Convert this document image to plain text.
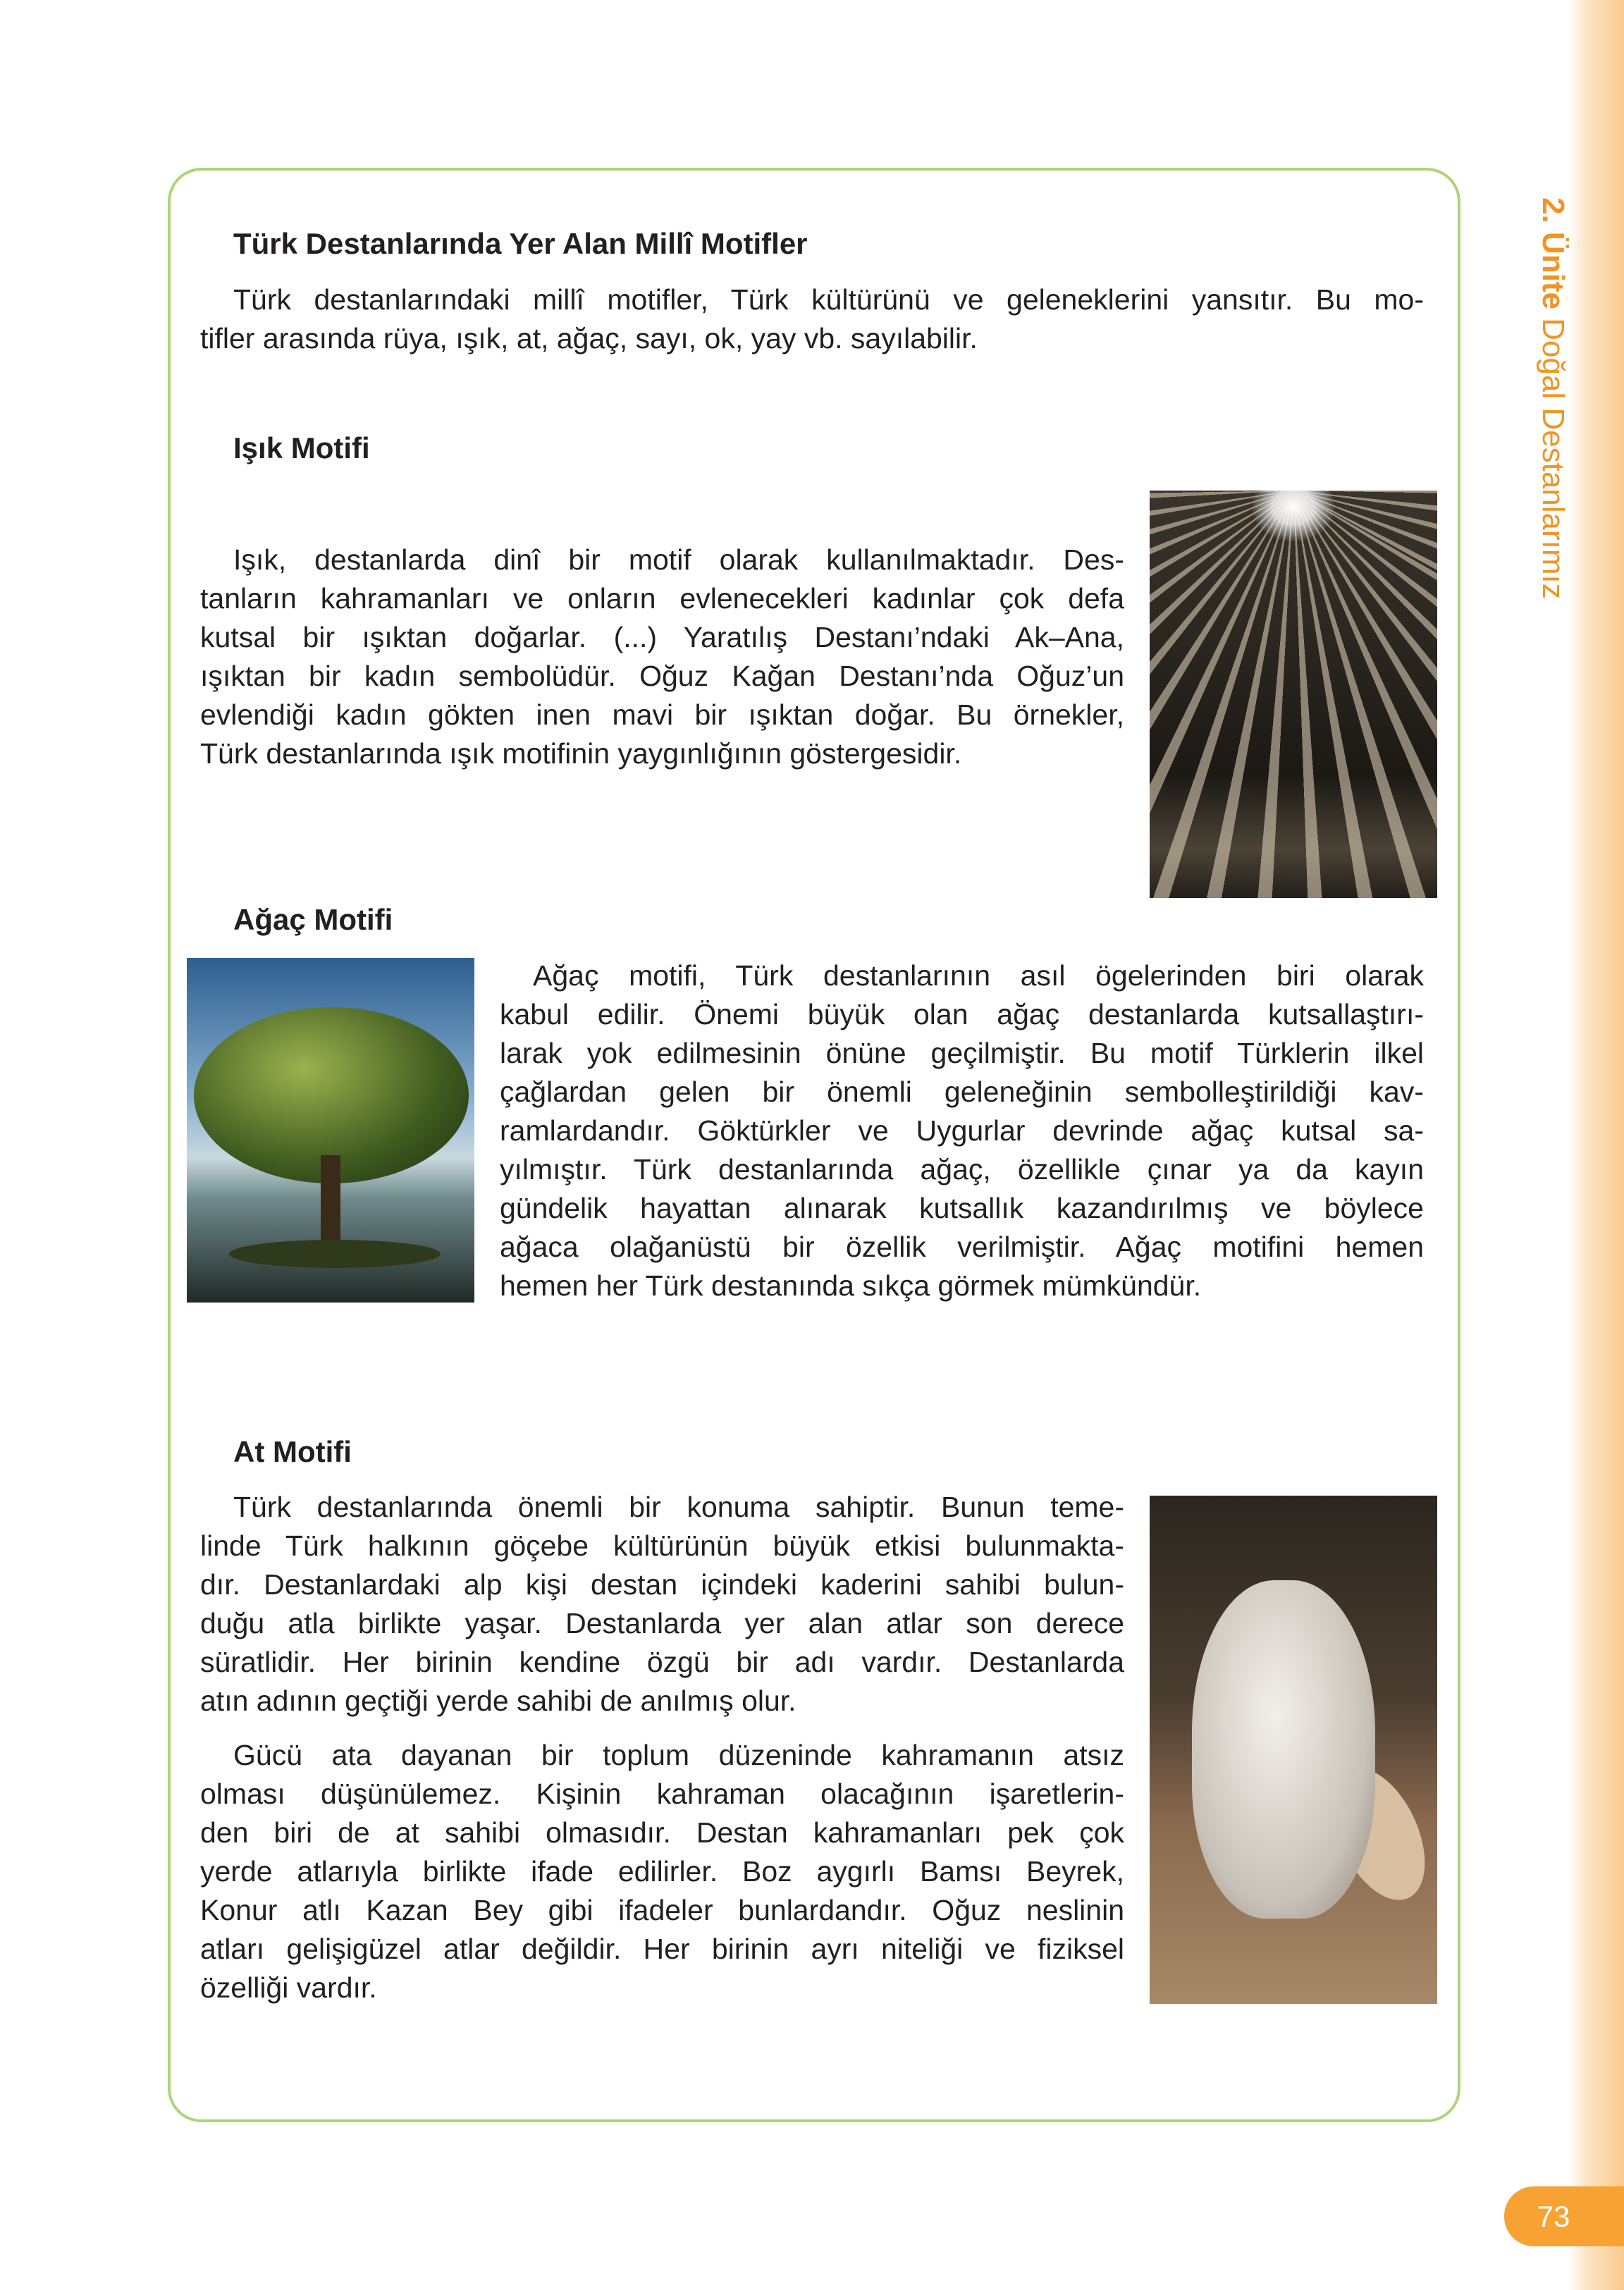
2. Ünite Doğal Destanlarımız
73
Türk Destanlarında Yer Alan Millî Motifler
Türk destanlarındaki millî motifler, Türk kültürünü ve geleneklerini yansıtır. Bu mo-
tifler arasında rüya, ışık, at, ağaç, sayı, ok, yay vb. sayılabilir.
Işık Motifi
Işık, destanlarda dinî bir motif olarak kullanılmaktadır. Des-
tanların kahramanları ve onların evlenecekleri kadınlar çok defa
kutsal bir ışıktan doğarlar. (...) Yaratılış Destanı’ndaki Ak–Ana,
ışıktan bir kadın sembolüdür. Oğuz Kağan Destanı’nda Oğuz’un
evlendiği kadın gökten inen mavi bir ışıktan doğar. Bu örnekler,
Türk destanlarında ışık motifinin yaygınlığının göstergesidir.
Ağaç Motifi
Ağaç motifi, Türk destanlarının asıl ögelerinden biri olarak
kabul edilir. Önemi büyük olan ağaç destanlarda kutsallaştırı-
larak yok edilmesinin önüne geçilmiştir. Bu motif Türklerin ilkel
çağlardan gelen bir önemli geleneğinin sembolleştirildiği kav-
ramlardandır. Göktürkler ve Uygurlar devrinde ağaç kutsal sa-
yılmıştır. Türk destanlarında ağaç, özellikle çınar ya da kayın
gündelik hayattan alınarak kutsallık kazandırılmış ve böylece
ağaca olağanüstü bir özellik verilmiştir. Ağaç motifini hemen
hemen her Türk destanında sıkça görmek mümkündür.
At Motifi
Türk destanlarında önemli bir konuma sahiptir. Bunun teme-
linde Türk halkının göçebe kültürünün büyük etkisi bulunmakta-
dır. Destanlardaki alp kişi destan içindeki kaderini sahibi bulun-
duğu atla birlikte yaşar. Destanlarda yer alan atlar son derece
süratlidir. Her birinin kendine özgü bir adı vardır. Destanlarda
atın adının geçtiği yerde sahibi de anılmış olur.
Gücü ata dayanan bir toplum düzeninde kahramanın atsız
olması düşünülemez. Kişinin kahraman olacağının işaretlerin-
den biri de at sahibi olmasıdır. Destan kahramanları pek çok
yerde atlarıyla birlikte ifade edilirler. Boz aygırlı Bamsı Beyrek,
Konur atlı Kazan Bey gibi ifadeler bunlardandır. Oğuz neslinin
atları gelişigüzel atlar değildir. Her birinin ayrı niteliği ve fiziksel
özelliği vardır.
